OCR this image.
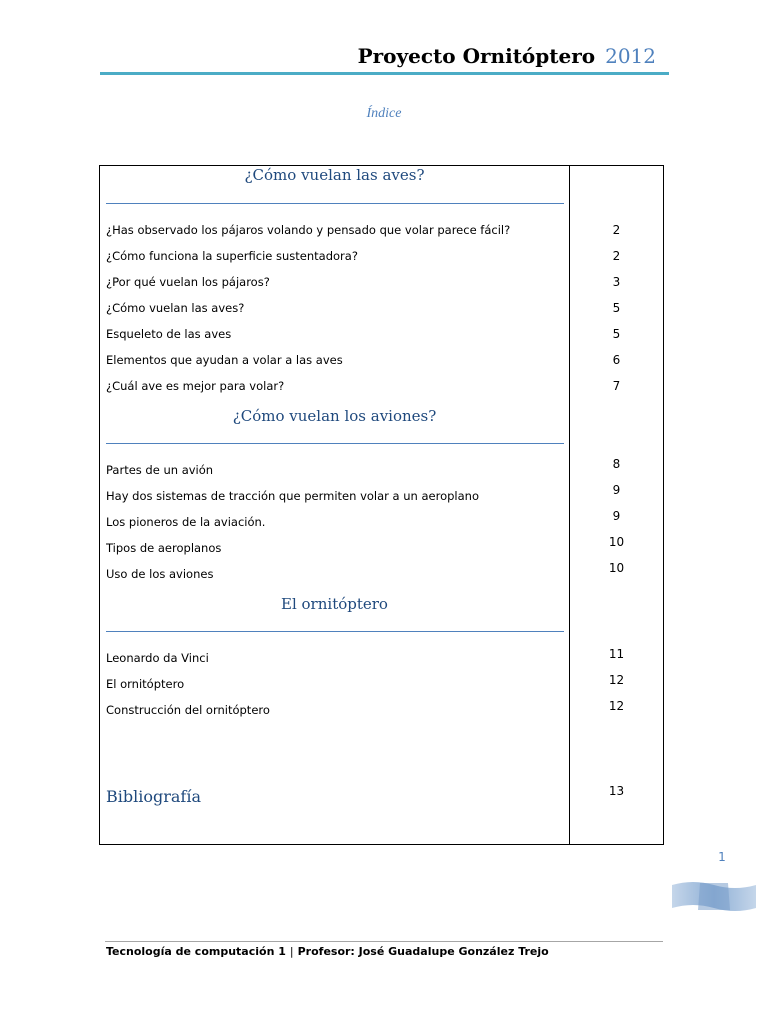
Proyecto Ornitóptero 2012
Índice
¿Cómo vuelan las aves?
¿Has observado los pájaros volando y pensado que volar parece fácil?	2
¿Cómo funciona la superficie sustentadora?	2
¿Por qué vuelan los pájaros?	3
¿Cómo vuelan las aves?	5
Esqueleto de las aves	5
Elementos que ayudan a volar a las aves	6
¿Cuál ave es mejor para volar?	7
¿Cómo vuelan los aviones?
Partes de un avión	8
Hay dos sistemas de tracción que permiten volar a un aeroplano	9
Los pioneros de la aviación.	9
Tipos de aeroplanos	10
Uso de los aviones	10
El ornitóptero
Leonardo da Vinci	11
El ornitóptero	12
Construcción del ornitóptero	12
Bibliografía	13
1
Tecnología de computación 1 | Profesor: José Guadalupe González Trejo
